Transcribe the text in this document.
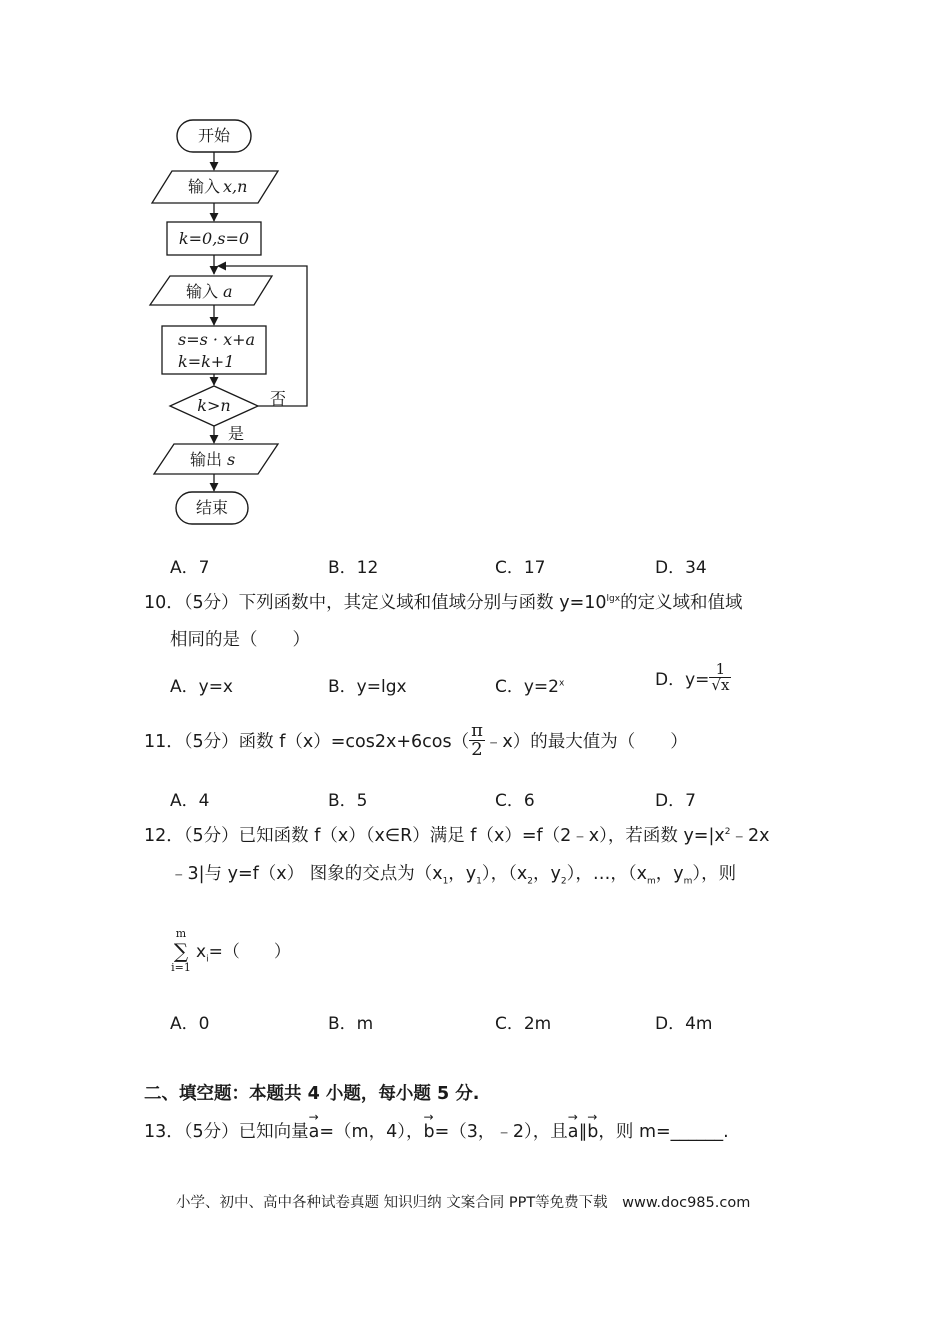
开始
输入 x,n
k=0,s=0
输入 a
s=s · x+a
k=k+1
k>n 否
是
输出 s
结束
A．7	B．12	C．17	D．34
10．（5分）下列函数中，其定义域和值域分别与函数 $y=10^{lgx}$的定义域和值域
相同的是（　　）
A．y=x	B．y=lgx	C．$y=2^x$	D．$y= \frac{1}{√x}$
11．（5分）函数 $f(x)=\cos 2x+6\cos( \frac{\pi}{2}$ ﹣x）的最大值为（　　）
A．4	B．5	C．6	D．7
12．（5分）已知函数 f（x）（x∈R）满足 f（x）=f（2﹣x），若函数 $y=|x^2﹣2x$
﹣3|与 y=f（x） 图象的交点为（$x_1$，$y_1$），（$x_2$，$y_2$），…，（$x_m$，$y_m$），则
m
∑
i=1
$x_i=$（　　）
A．0	B．m	C．2m	D．4m
二、填空题：本题共 4 小题，每小题 5 分.
13．（5分）已知向量→ a=（m，4），→ b=（3，﹣2），且→ a∥→ b，则 m=______.
小学、初中、高中各种试卷真题 知识归纳 文案合同 PPT等免费下载　www.doc985.com
